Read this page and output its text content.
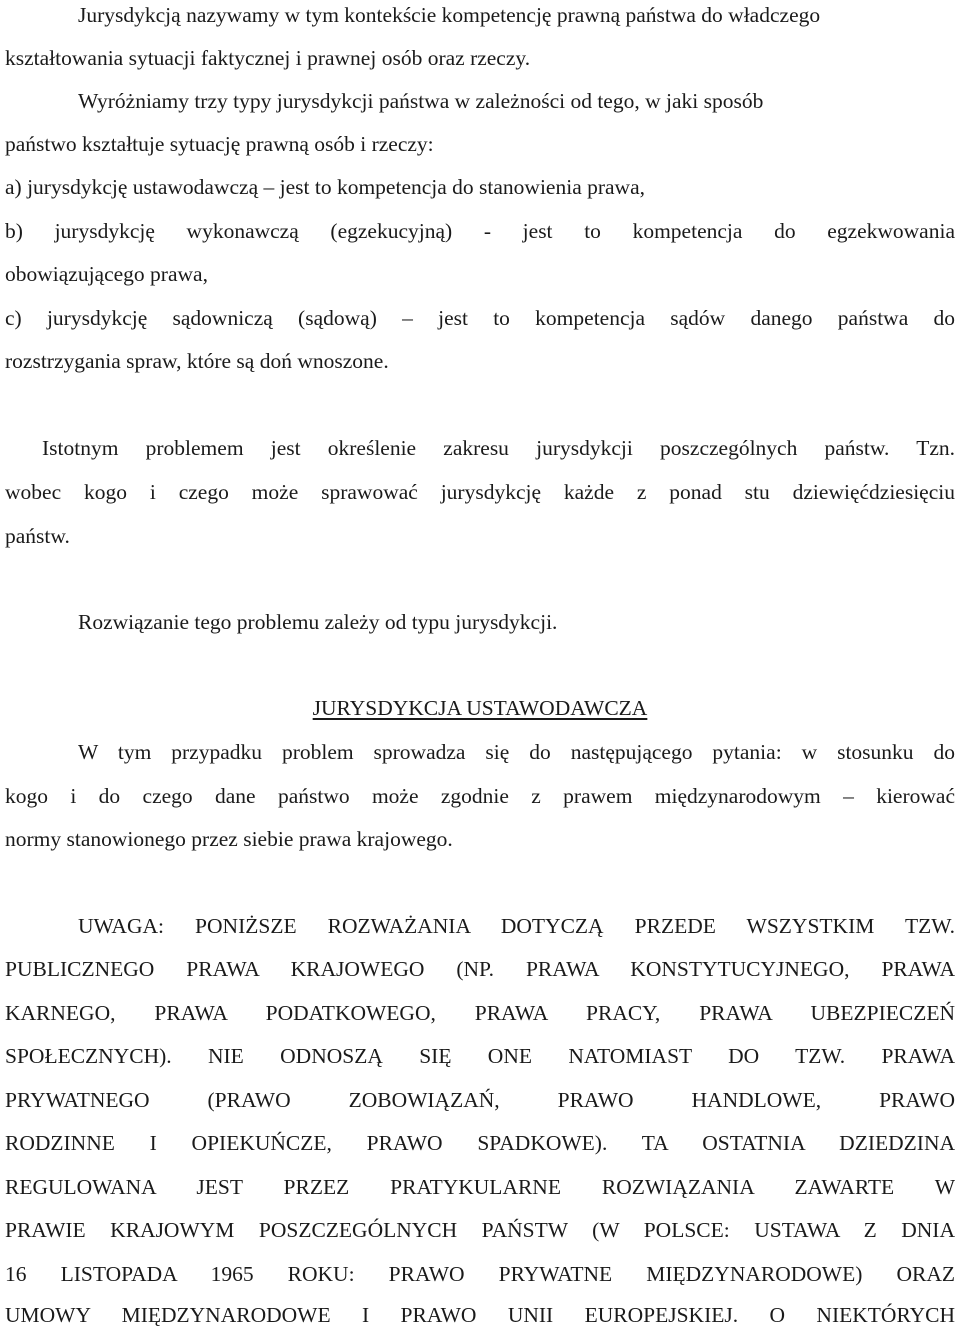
Jurysdykcją nazywamy w tym kontekście kompetencję prawną państwa do władczego
kształtowania sytuacji faktycznej i prawnej osób oraz rzeczy.
Wyróżniamy trzy typy jurysdykcji państwa w zależności od tego, w jaki sposób
państwo kształtuje sytuację prawną osób i rzeczy:
a) jurysdykcję ustawodawczą – jest to kompetencja do stanowienia prawa,
b) jurysdykcję wykonawczą (egzekucyjną) - jest to kompetencja do egzekwowania
obowiązującego prawa,
c) jurysdykcję sądowniczą (sądową) – jest to kompetencja sądów danego państwa do
rozstrzygania spraw, które są doń wnoszone.
Istotnym problemem jest określenie zakresu jurysdykcji poszczególnych państw. Tzn.
wobec kogo i czego może sprawować jurysdykcję każde z ponad stu dziewięćdziesięciu
państw.
Rozwiązanie tego problemu zależy od typu jurysdykcji.
JURYSDYKCJA USTAWODAWCZA
W tym przypadku problem sprowadza się do następującego pytania: w stosunku do
kogo i do czego dane państwo może zgodnie z prawem międzynarodowym – kierować
normy stanowionego przez siebie prawa krajowego.
UWAGA: PONIŻSZE ROZWAŻANIA DOTYCZĄ PRZEDE WSZYSTKIM TZW.
PUBLICZNEGO PRAWA KRAJOWEGO (NP. PRAWA KONSTYTUCYJNEGO, PRAWA
KARNEGO, PRAWA PODATKOWEGO, PRAWA PRACY, PRAWA UBEZPIECZEŃ
SPOŁECZNYCH). NIE ODNOSZĄ SIĘ ONE NATOMIAST DO TZW. PRAWA
PRYWATNEGO (PRAWO ZOBOWIĄZAŃ, PRAWO HANDLOWE, PRAWO
RODZINNE I OPIEKUŃCZE, PRAWO SPADKOWE). TA OSTATNIA DZIEDZINA
REGULOWANA JEST PRZEZ PRATYKULARNE ROZWIĄZANIA ZAWARTE W
PRAWIE KRAJOWYM POSZCZEGÓLNYCH PAŃSTW (W POLSCE: USTAWA Z DNIA
16 LISTOPADA 1965 ROKU: PRAWO PRYWATNE MIĘDZYNARODOWE) ORAZ
UMOWY MIĘDZYNARODOWE I PRAWO UNII EUROPEJSKIEJ. O NIEKTÓRYCH
